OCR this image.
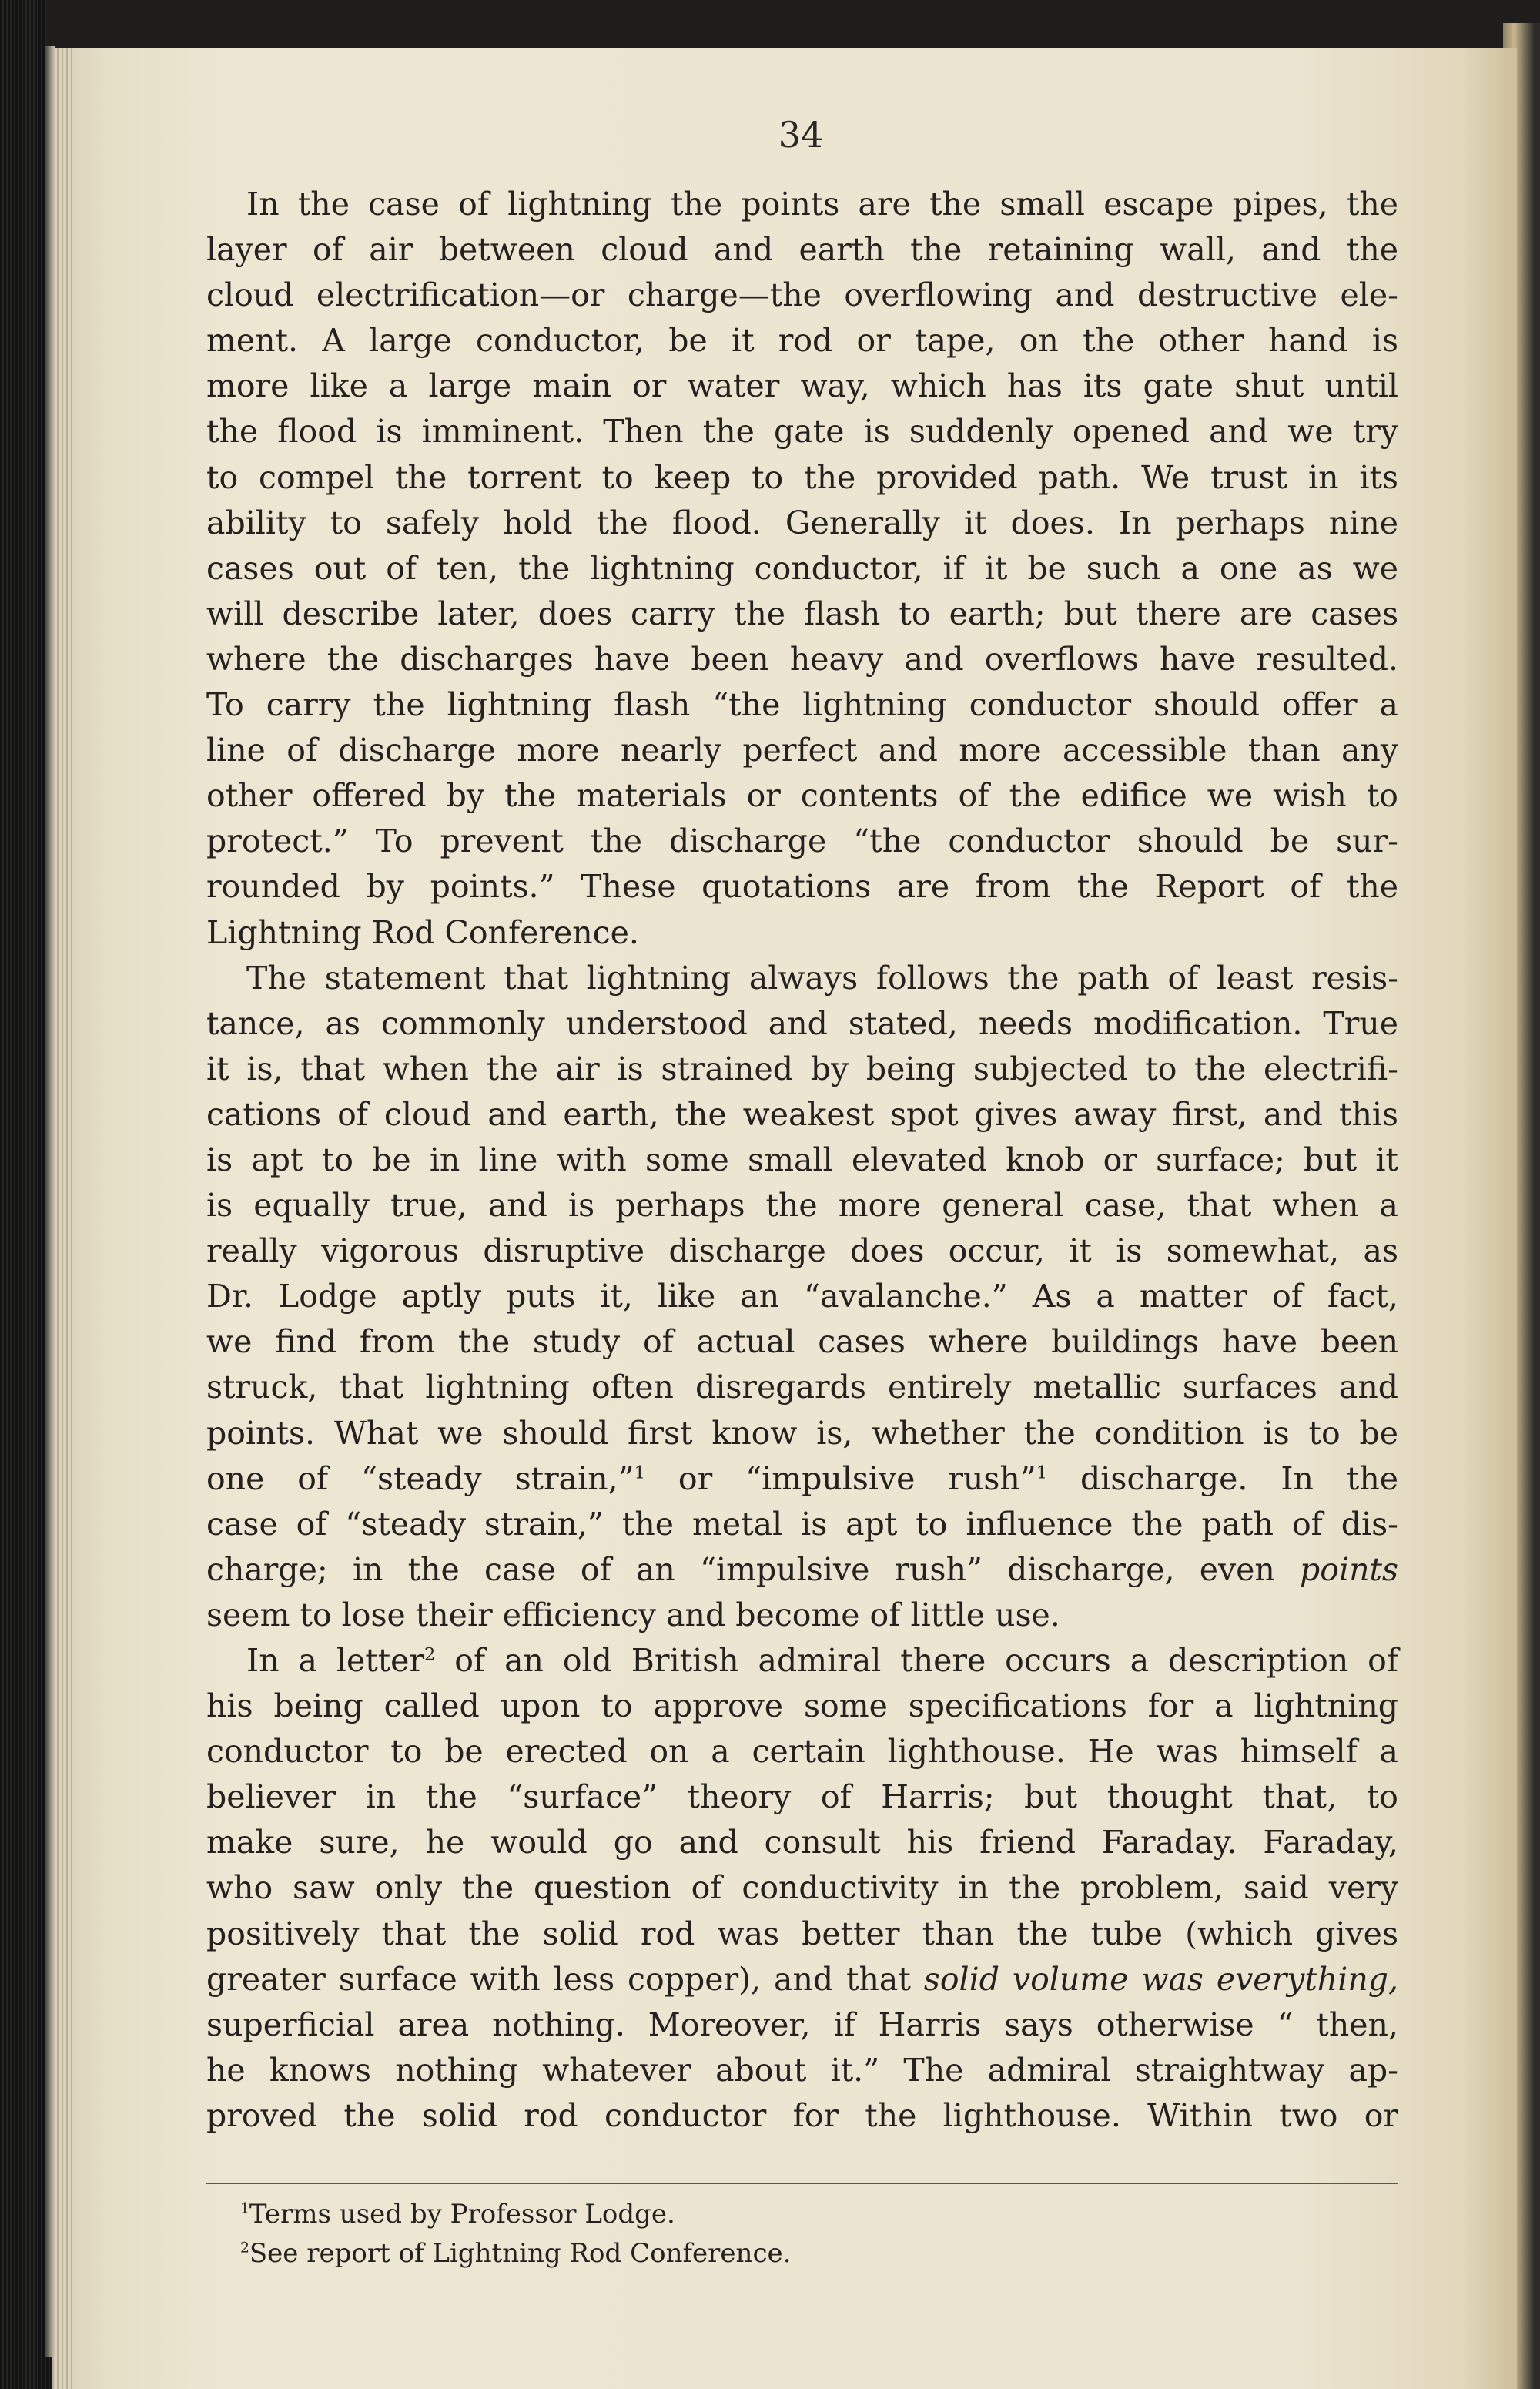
34
In the case of lightning the points are the small escape pipes, the
layer of air between cloud and earth the retaining wall, and the
cloud electrification—or charge—the overflowing and destructive ele-
ment. A large conductor, be it rod or tape, on the other hand is
more like a large main or water way, which has its gate shut until
the flood is imminent. Then the gate is suddenly opened and we try
to compel the torrent to keep to the provided path. We trust in its
ability to safely hold the flood. Generally it does. In perhaps nine
cases out of ten, the lightning conductor, if it be such a one as we
will describe later, does carry the flash to earth; but there are cases
where the discharges have been heavy and overflows have resulted.
To carry the lightning flash “the lightning conductor should offer a
line of discharge more nearly perfect and more accessible than any
other offered by the materials or contents of the edifice we wish to
protect.” To prevent the discharge “the conductor should be sur-
rounded by points.” These quotations are from the Report of the
Lightning Rod Conference.
The statement that lightning always follows the path of least resis-
tance, as commonly understood and stated, needs modification. True
it is, that when the air is strained by being subjected to the electrifi-
cations of cloud and earth, the weakest spot gives away first, and this
is apt to be in line with some small elevated knob or surface; but it
is equally true, and is perhaps the more general case, that when a
really vigorous disruptive discharge does occur, it is somewhat, as
Dr. Lodge aptly puts it, like an “avalanche.” As a matter of fact,
we find from the study of actual cases where buildings have been
struck, that lightning often disregards entirely metallic surfaces and
points. What we should first know is, whether the condition is to be
one of “steady strain,”$^1$ or “impulsive rush”$^1$ discharge. In the
case of “steady strain,” the metal is apt to influence the path of dis-
charge; in the case of an “impulsive rush” discharge, even points
seem to lose their efficiency and become of little use.
In a letter$^2$ of an old British admiral there occurs a description of
his being called upon to approve some specifications for a lightning
conductor to be erected on a certain lighthouse. He was himself a
believer in the “surface” theory of Harris; but thought that, to
make sure, he would go and consult his friend Faraday. Faraday,
who saw only the question of conductivity in the problem, said very
positively that the solid rod was better than the tube (which gives
greater surface with less copper), and that solid volume was everything,
superficial area nothing. Moreover, if Harris says otherwise “ then,
he knows nothing whatever about it.” The admiral straightway ap-
proved the solid rod conductor for the lighthouse. Within two or
$^1$Terms used by Professor Lodge.
$^2$See report of Lightning Rod Conference.
